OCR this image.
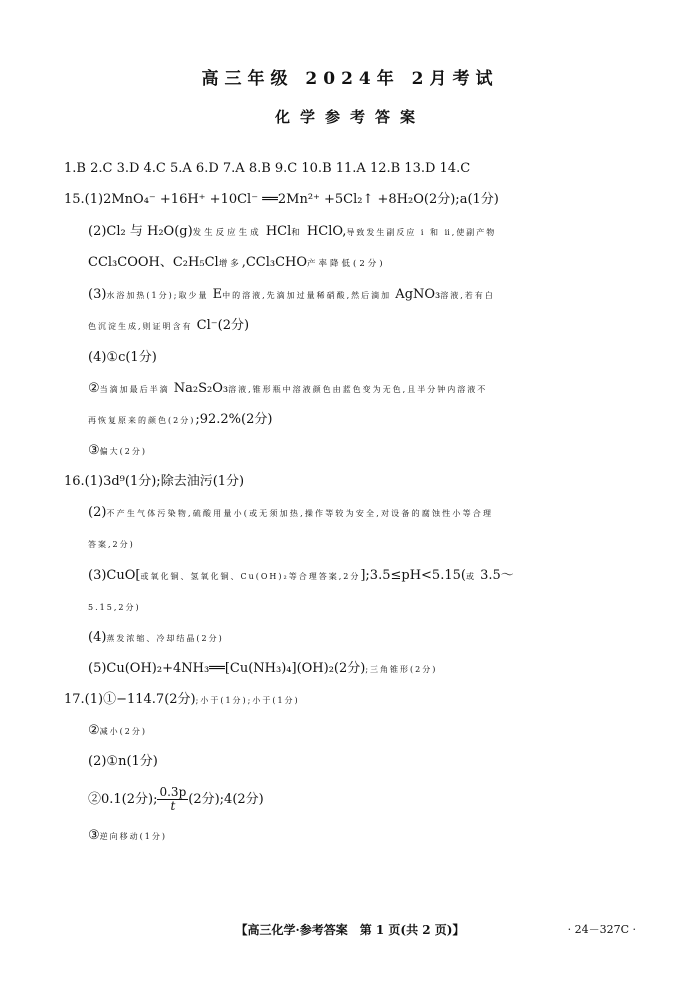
高三年级 2024年 2月考试
化学参考答案
1.B 2.C 3.D 4.C 5.A 6.D 7.A 8.B 9.C 10.B 11.A 12.B 13.D 14.C
15.(1)2MnO₄⁻ +16H⁺ +10Cl⁻ ══2Mn²⁺ +5Cl₂↑ +8H₂O(2分);a(1分)
(2)Cl₂ 与 H₂O(g)发生反应生成 HCl和 HClO,导致发生副反应 ⅰ 和 ⅱ,使副产物
CCl₃COOH、C₂H₅Cl增多,CCl₃CHO产率降低(2分)
(3)水浴加热(1分);取少量 E中的溶液,先滴加过量稀硝酸,然后滴加 AgNO₃溶液,若有白
色沉淀生成,则证明含有 Cl⁻(2分)
(4)①c(1分)
②当滴加最后半滴 Na₂S₂O₃溶液,锥形瓶中溶液颜色由蓝色变为无色,且半分钟内溶液不
再恢复原来的颜色(2分);92.2%(2分)
③偏大(2分)
16.(1)3d⁹(1分);除去油污(1分)
(2)不产生气体污染物,硫酸用量小(或无须加热,操作等较为安全,对设备的腐蚀性小等合理
答案,2分)
(3)CuO[或氧化铜、氢氧化铜、Cu(OH)₂等合理答案,2分];3.5≤pH<5.15(或 3.5～
5.15,2分)
(4)蒸发浓缩、冷却结晶(2分)
(5)Cu(OH)₂+4NH₃══[Cu(NH₃)₄](OH)₂(2分);三角锥形(2分)
17.(1)①−114.7(2分);小于(1分);小于(1分)
②减小(2分)
(2)①n(1分)
②0.1(2分); $\frac{0.3p}{t} (2$分);4(2分)
③逆向移动(1分)
【高三化学·参考答案　第 1 页(共 2 页)】	· 24－327C ·
